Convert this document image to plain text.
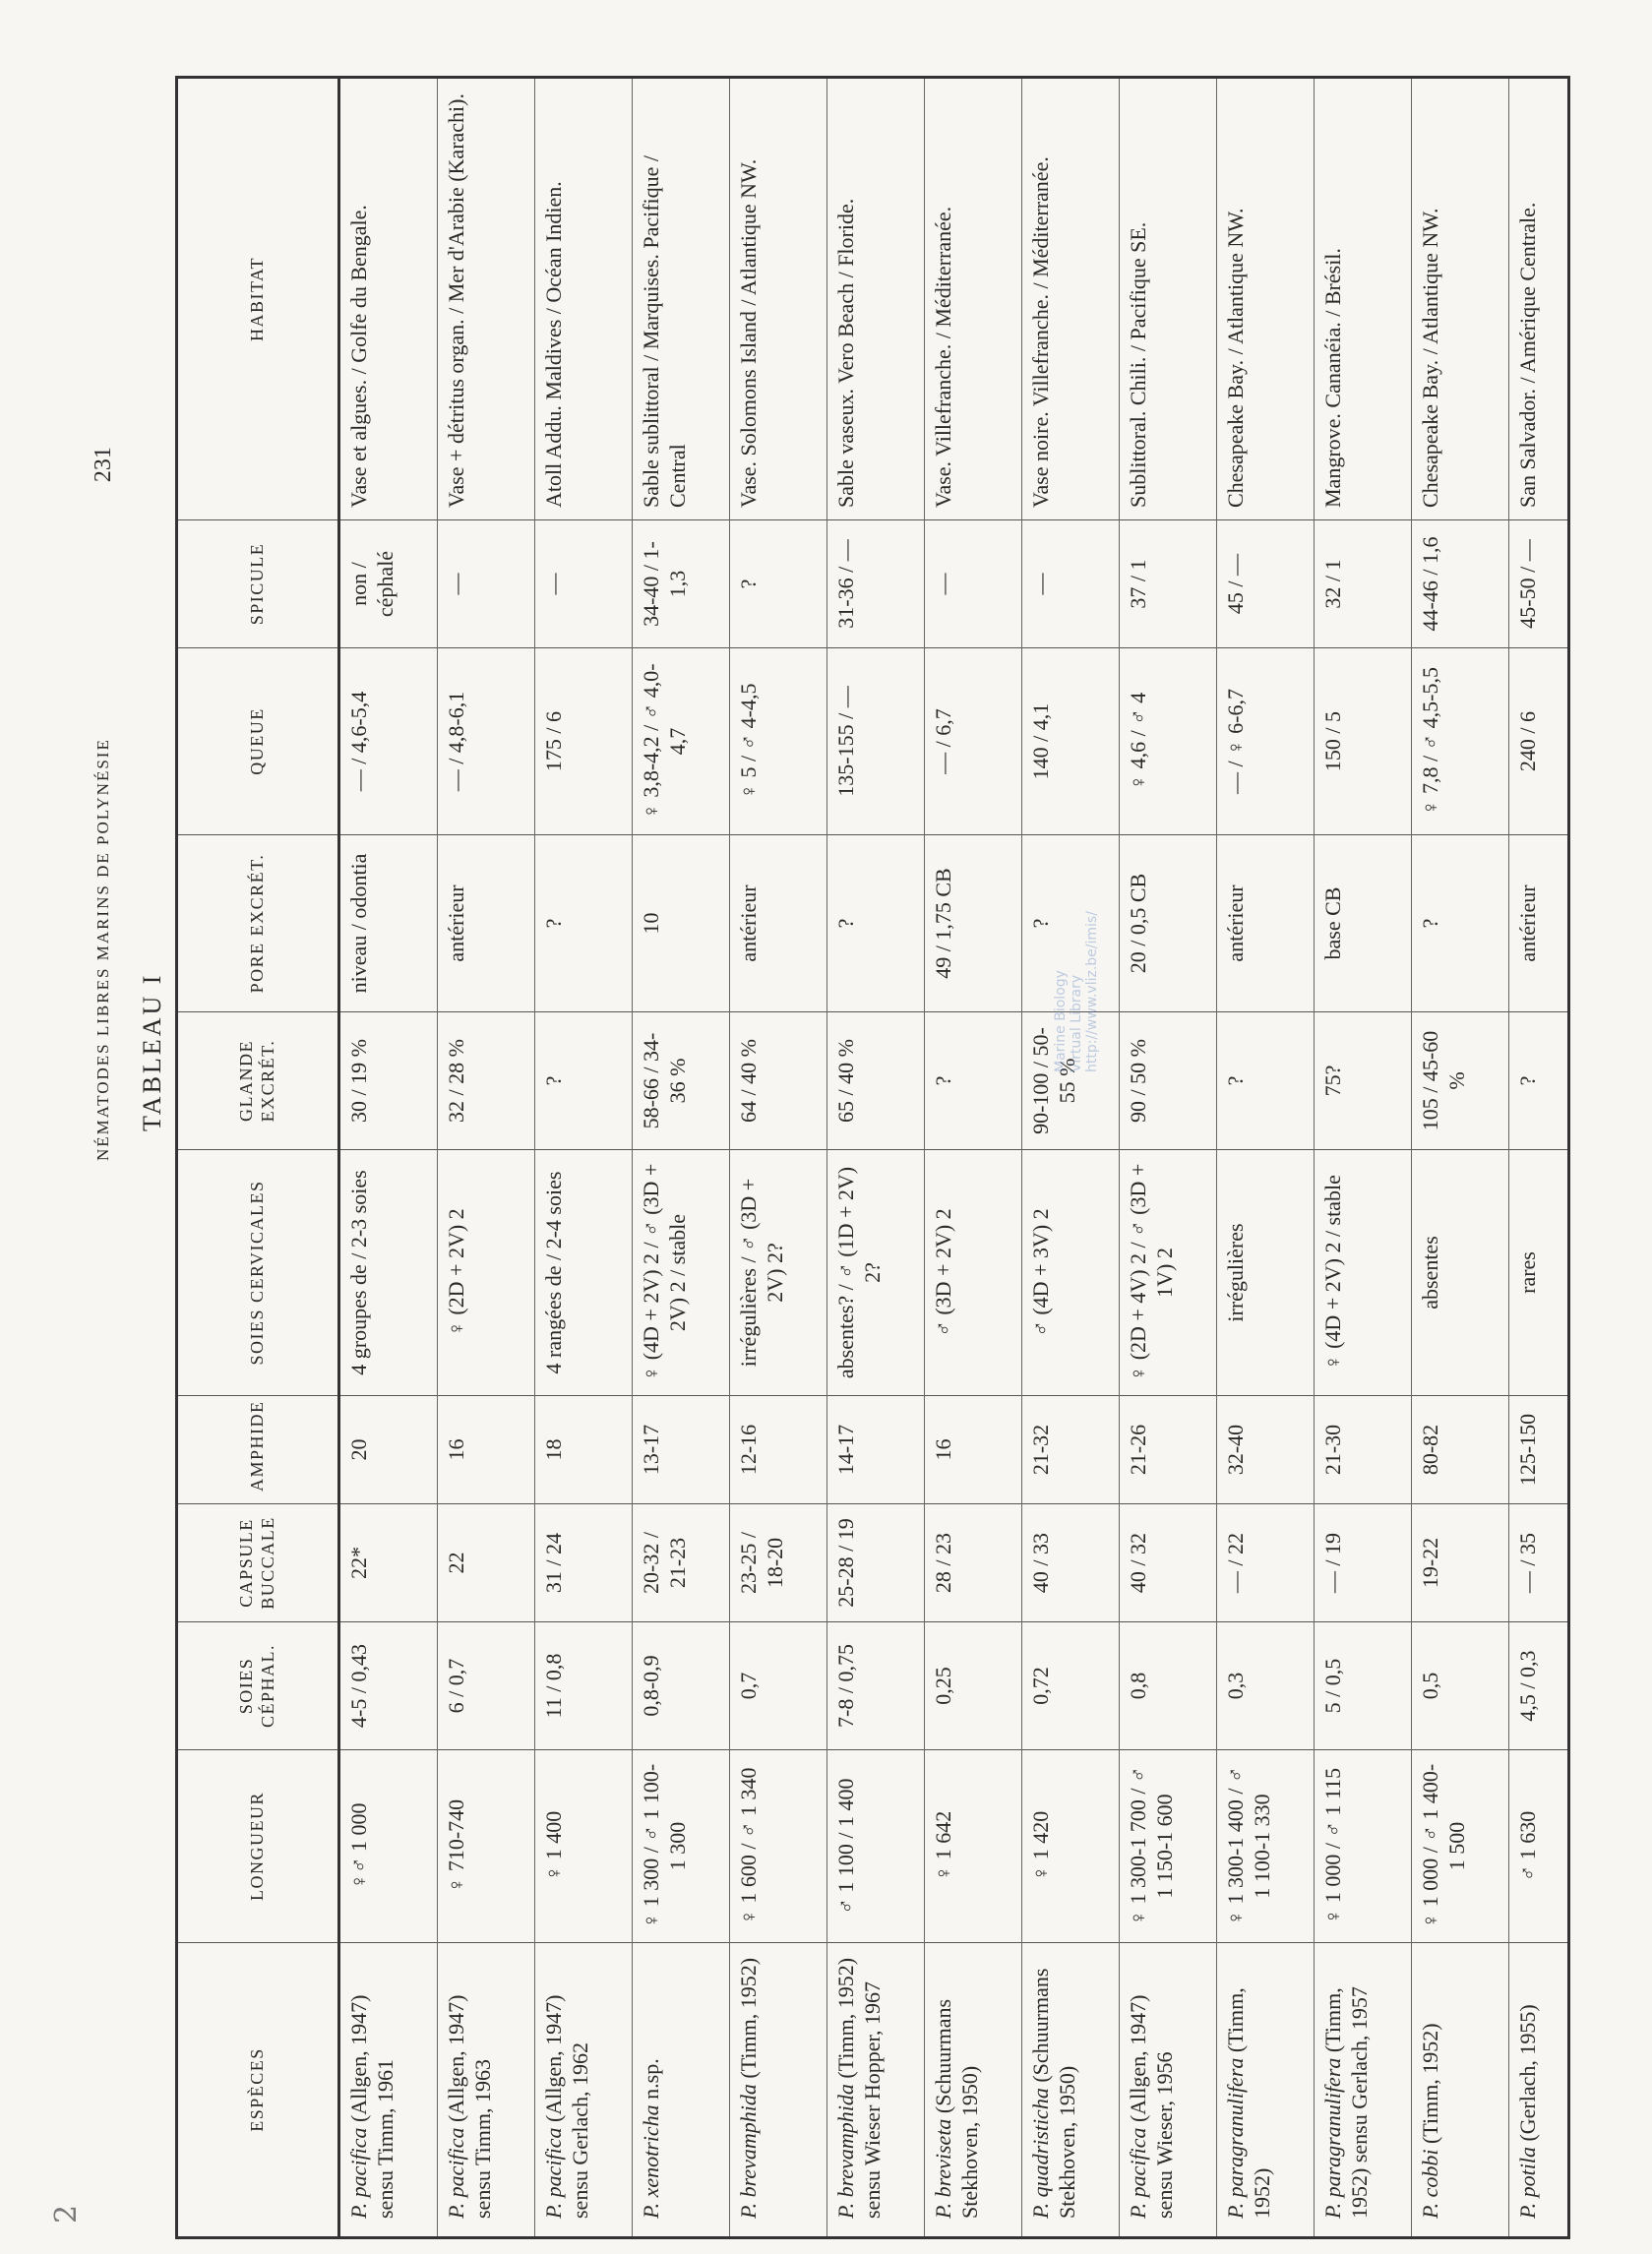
NÉMATODES LIBRES MARINS DE POLYNÉSIE
231
TABLEAU I
2
ESPÈCES	LONGUEUR	SOIES CÉPHAL.	CAPSULE BUCCALE	AMPHIDE	SOIES CERVICALES	GLANDE EXCRÉT.	PORE EXCRÉT.	QUEUE	SPICULE	HABITAT
P. pacifica (Allgen, 1947) sensu Timm, 1961	♀♂ 1 000	4-5 / 0,43	22*	20	4 groupes de / 2-3 soies	30 / 19 %	niveau / odontia	— / 4,6-5,4	non / céphalé	Vase et algues. / Golfe du Bengale.
P. pacifica (Allgen, 1947) sensu Timm, 1963	♀ 710-740	6 / 0,7	22	16	♀ (2D + 2V) 2	32 / 28 %	antérieur	— / 4,8-6,1	—	Vase + détritus organ. / Mer d'Arabie (Karachi).
P. pacifica (Allgen, 1947) sensu Gerlach, 1962	♀ 1 400	11 / 0,8	31 / 24	18	4 rangées de / 2-4 soies	?	?	175 / 6	—	Atoll Addu. Maldives / Océan Indien.
P. xenotricha n.sp.	♀ 1 300 / ♂ 1 100-1 300	0,8-0,9	20-32 / 21-23	13-17	♀ (4D + 2V) 2 / ♂ (3D + 2V) 2 / stable	58-66 / 34-36 %	10	♀ 3,8-4,2 / ♂ 4,0-4,7	34-40 / 1-1,3	Sable sublittoral / Marquises. Pacifique / Central
P. brevamphida (Timm, 1952)	♀ 1 600 / ♂ 1 340	0,7	23-25 / 18-20	12-16	irrégulières / ♂ (3D + 2V) 2?	64 / 40 %	antérieur	♀ 5 / ♂ 4-4,5	?	Vase. Solomons Island / Atlantique NW.
P. brevamphida (Timm, 1952) sensu Wieser Hopper, 1967	♂ 1 100 / 1 400	7-8 / 0,75	25-28 / 19	14-17	absentes? / ♂ (1D + 2V) 2?	65 / 40 %	?	135-155 / —	31-36 / —	Sable vaseux. Vero Beach / Floride.
P. breviseta (Schuurmans Stekhoven, 1950)	♀ 1 642	0,25	28 / 23	16	♂ (3D + 2V) 2	?	49 / 1,75 CB	— / 6,7	—	Vase. Villefranche. / Méditerranée.
P. quadristicha (Schuurmans Stekhoven, 1950)	♀ 1 420	0,72	40 / 33	21-32	♂ (4D + 3V) 2	90-100 / 50-55 %	?	140 / 4,1	—	Vase noire. Villefranche. / Méditerranée.
P. pacifica (Allgen, 1947) sensu Wieser, 1956	♀ 1 300-1 700 / ♂ 1 150-1 600	0,8	40 / 32	21-26	♀ (2D + 4V) 2 / ♂ (3D + 1V) 2	90 / 50 %	20 / 0,5 CB	♀ 4,6 / ♂ 4	37 / 1	Sublittoral. Chili. / Pacifique SE.
P. paragranulifera (Timm, 1952)	♀ 1 300-1 400 / ♂ 1 100-1 330	0,3	— / 22	32-40	irrégulières	?	antérieur	— / ♀ 6-6,7	45 / —	Chesapeake Bay. / Atlantique NW.
P. paragranulifera (Timm, 1952) sensu Gerlach, 1957	♀ 1 000 / ♂ 1 115	5 / 0,5	— / 19	21-30	♀ (4D + 2V) 2 / stable	75?	base CB	150 / 5	32 / 1	Mangrove. Cananéia. / Brésil.
P. cobbi (Timm, 1952)	♀ 1 000 / ♂ 1 400-1 500	0,5	19-22	80-82	absentes	105 / 45-60 %	?	♀ 7,8 / ♂ 4,5-5,5	44-46 / 1,6	Chesapeake Bay. / Atlantique NW.
P. potila (Gerlach, 1955)	♂ 1 630	4,5 / 0,3	— / 35	125-150	rares	?	antérieur	240 / 6	45-50 / —	San Salvador. / Amérique Centrale.
Marine Biology Virtual Library http://www.vliz.be/imis/
